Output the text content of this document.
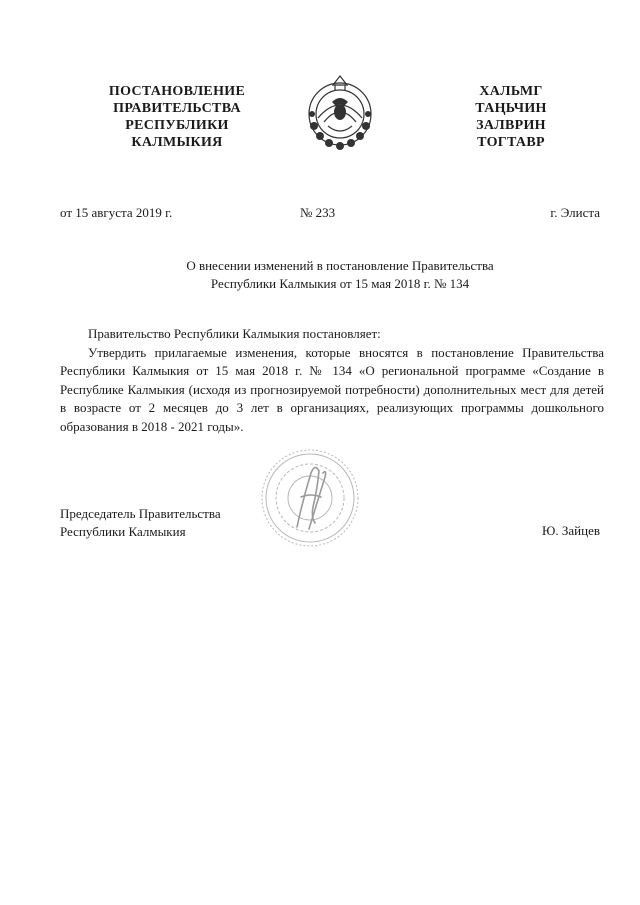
ПОСТАНОВЛЕНИЕ
ПРАВИТЕЛЬСТВА
РЕСПУБЛИКИ
КАЛМЫКИЯ
ХАЛЬМГ
ТАҢЬЧИН
ЗАЛВРИН
ТОГТАВР
от 15 августа 2019 г.	№ 233	г. Элиста
О внесении изменений в постановление Правительства
Республики Калмыкия от 15 мая 2018 г. № 134

Правительство Республики Калмыкия постановляет:

Утвердить прилагаемые изменения, которые вносятся в постановление Правительства Республики Калмыкия от 15 мая 2018 г. № 134 «О региональной программе «Создание в Республике Калмыкия (исходя из прогнозируемой потребности) дополнительных мест для детей в возрасте от 2 месяцев до 3 лет в организациях, реализующих программы дошкольного образования в 2018 - 2021 годы».

Председатель Правительства
Республики Калмыкия	Ю. Зайцев
